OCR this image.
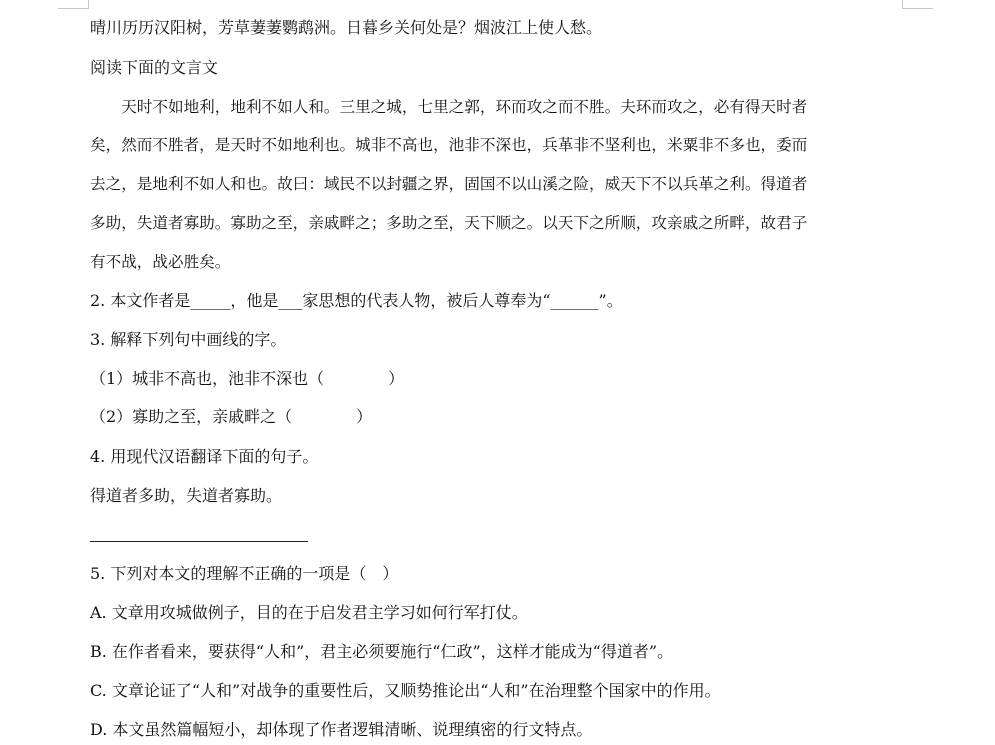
晴川历历汉阳树，芳草萋萋鹦鹉洲。日暮乡关何处是？烟波江上使人愁。
阅读下面的文言文
　　天时不如地利，地利不如人和。三里之城，七里之郭，环而攻之而不胜。夫环而攻之，必有得天时者
矣，然而不胜者，是天时不如地利也。城非不高也，池非不深也，兵革非不坚利也，米粟非不多也，委而
去之，是地利不如人和也。故曰：域民不以封疆之界，固国不以山溪之险，威天下不以兵革之利。得道者
多助，失道者寡助。寡助之至，亲戚畔之；多助之至，天下顺之。以天下之所顺，攻亲戚之所畔，故君子
有不战，战必胜矣。
2. 本文作者是_____，他是___家思想的代表人物，被后人尊奉为“______”。
3. 解释下列句中画线的字。
（1）城非不高也，池非不深也（　　　　）
（2）寡助之至，亲戚畔之（　　　　）
4. 用现代汉语翻译下面的句子。
得道者多助，失道者寡助。
5. 下列对本文的理解不正确的一项是（　）
A. 文章用攻城做例子，目的在于启发君主学习如何行军打仗。
B. 在作者看来，要获得“人和”，君主必须要施行“仁政”，这样才能成为“得道者”。
C. 文章论证了“人和”对战争的重要性后，又顺势推论出“人和”在治理整个国家中的作用。
D. 本文虽然篇幅短小，却体现了作者逻辑清晰、说理缜密的行文特点。
